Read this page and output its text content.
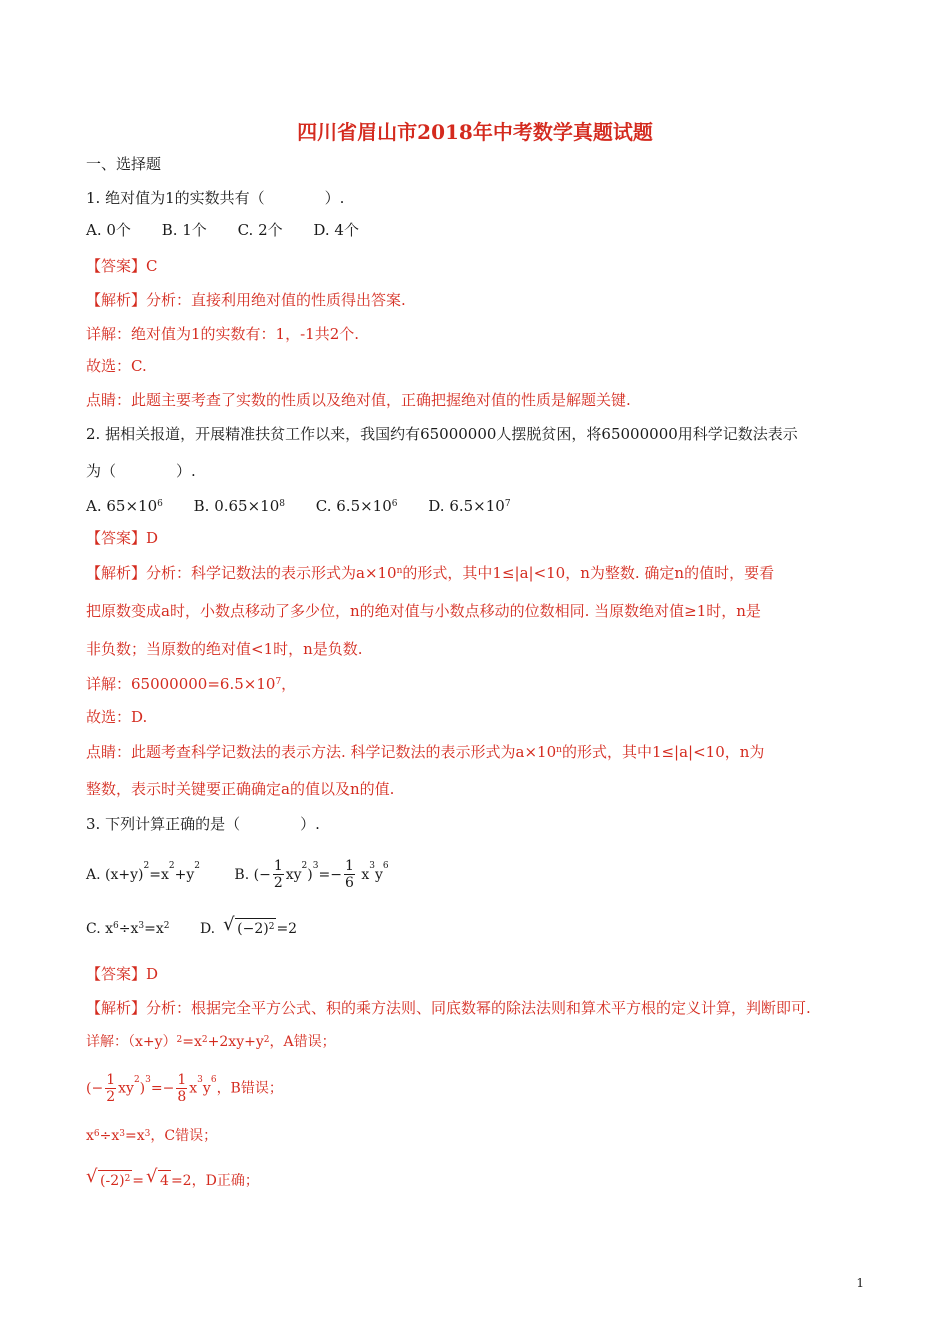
四川省眉山市2018年中考数学真题试题
一、选择题
1. 绝对值为1的实数共有（　　　　）.
A. 0个 B. 1个 C. 2个 D. 4个
【答案】C
【解析】分析：直接利用绝对值的性质得出答案.
详解：绝对值为1的实数有：1，-1共2个.
故选：C.
点睛：此题主要考查了实数的性质以及绝对值，正确把握绝对值的性质是解题关键.
2. 据相关报道，开展精准扶贫工作以来，我国约有65000000人摆脱贫困，将65000000用科学记数法表示
为（　　　　）.
A. $65\times 10^6$ B. $0.65\times 10^8$ C. $6.5\times 10^6$ D. $6.5\times 10^7$
【答案】D
【解析】分析：科学记数法的表示形式为$a\times 10^n$的形式，其中1≤|a|<10，n为整数. 确定n的值时，要看
把原数变成a时，小数点移动了多少位，n的绝对值与小数点移动的位数相同. 当原数绝对值≥1时，n是
非负数；当原数的绝对值<1时，n是负数.
详解：$65000000=6.5\times 10^7$，
故选：D.
点睛：此题考查科学记数法的表示方法. 科学记数法的表示形式为$a\times 10^n$的形式，其中1≤|a|<10，n为
整数，表示时关键要正确确定a的值以及n的值.
3. 下列计算正确的是（　　　　）.
A. $(x+y)^2=x^2+y^2$ B. (− $\frac{1}{2} xy^2)^3=- \frac{1}{6} x^3y^6$
C. $x^6\div x^3=x^2$ D. √ $(-2)^2 =2$
【答案】D
【解析】分析：根据完全平方公式、积的乘方法则、同底数幂的除法法则和算术平方根的定义计算，判断即可.
详解：$(x+y)^2=x^2+2xy+y^2$，A错误；
(− $\frac{1}{2} xy^2)^3=- \frac{1}{8} x^3y^6$，B错误；
$x^6\div x^3=x^3$，C错误；
√ $(-2)^2$ = √ 4 =2，D正确；
1
